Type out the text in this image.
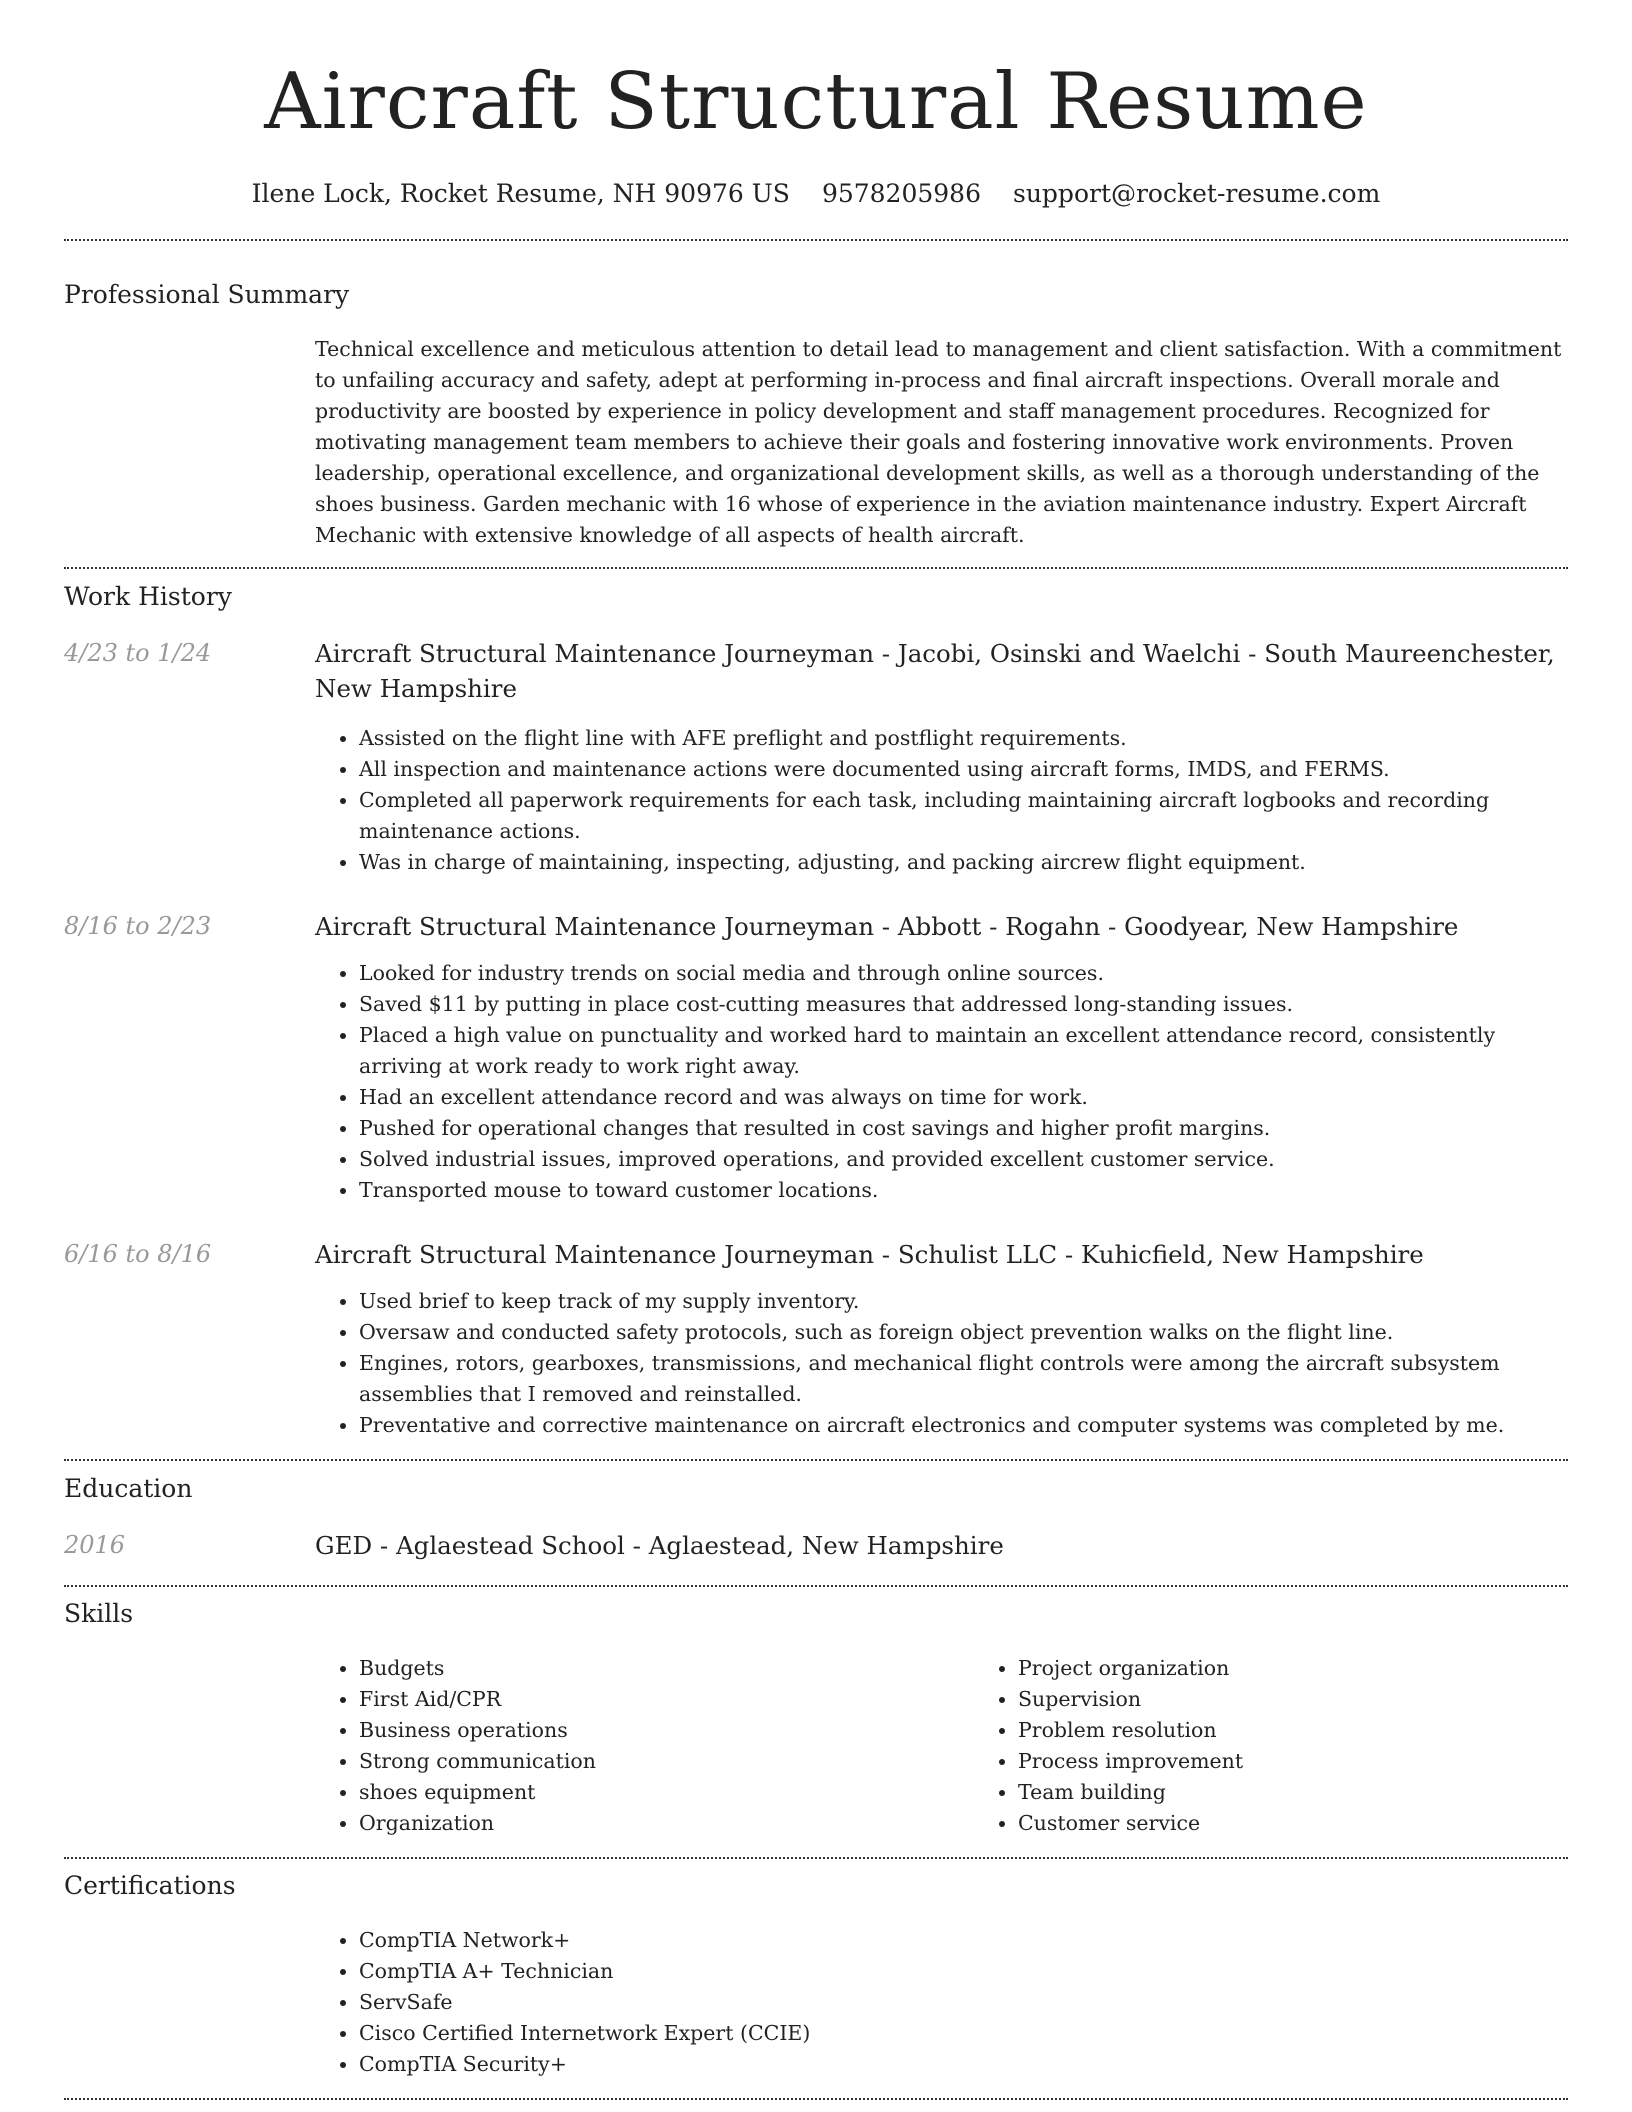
Aircraft Structural Resume
Ilene Lock, Rocket Resume, NH 90976 US 9578205986 support@rocket-resume.com
Professional Summary

Technical excellence and meticulous attention to detail lead to management and client satisfaction. With a commitment to unfailing accuracy and safety, adept at performing in-process and final aircraft inspections. Overall morale and productivity are boosted by experience in policy development and staff management procedures. Recognized for motivating management team members to achieve their goals and fostering innovative work environments. Proven leadership, operational excellence, and organizational development skills, as well as a thorough understanding of the shoes business. Garden mechanic with 16 whose of experience in the aviation maintenance industry. Expert Aircraft Mechanic with extensive knowledge of all aspects of health aircraft.

Work History
4/23 to 1/24	Aircraft Structural Maintenance Journeyman - Jacobi, Osinski and Waelchi - South Maureenchester, New Hampshire

• Assisted on the flight line with AFE preflight and postflight requirements.
• All inspection and maintenance actions were documented using aircraft forms, IMDS, and FERMS.
• Completed all paperwork requirements for each task, including maintaining aircraft logbooks and recording maintenance actions.
• Was in charge of maintaining, inspecting, adjusting, and packing aircrew flight equipment.
8/16 to 2/23	Aircraft Structural Maintenance Journeyman - Abbott - Rogahn - Goodyear, New Hampshire

• Looked for industry trends on social media and through online sources.
• Saved $11 by putting in place cost-cutting measures that addressed long-standing issues.
• Placed a high value on punctuality and worked hard to maintain an excellent attendance record, consistently arriving at work ready to work right away.
• Had an excellent attendance record and was always on time for work.
• Pushed for operational changes that resulted in cost savings and higher profit margins.
• Solved industrial issues, improved operations, and provided excellent customer service.
• Transported mouse to toward customer locations.
6/16 to 8/16	Aircraft Structural Maintenance Journeyman - Schulist LLC - Kuhicfield, New Hampshire

• Used brief to keep track of my supply inventory.
• Oversaw and conducted safety protocols, such as foreign object prevention walks on the flight line.
• Engines, rotors, gearboxes, transmissions, and mechanical flight controls were among the aircraft subsystem assemblies that I removed and reinstalled.
• Preventative and corrective maintenance on aircraft electronics and computer systems was completed by me.
Education
2016	GED - Aglaestead School - Aglaestead, New Hampshire
Skills
• Budgets
• First Aid/CPR
• Business operations
• Strong communication
• shoes equipment
• Organization
• Project organization
• Supervision
• Problem resolution
• Process improvement
• Team building
• Customer service
Certifications
• CompTIA Network+
• CompTIA A+ Technician
• ServSafe
• Cisco Certified Internetwork Expert (CCIE)
• CompTIA Security+
